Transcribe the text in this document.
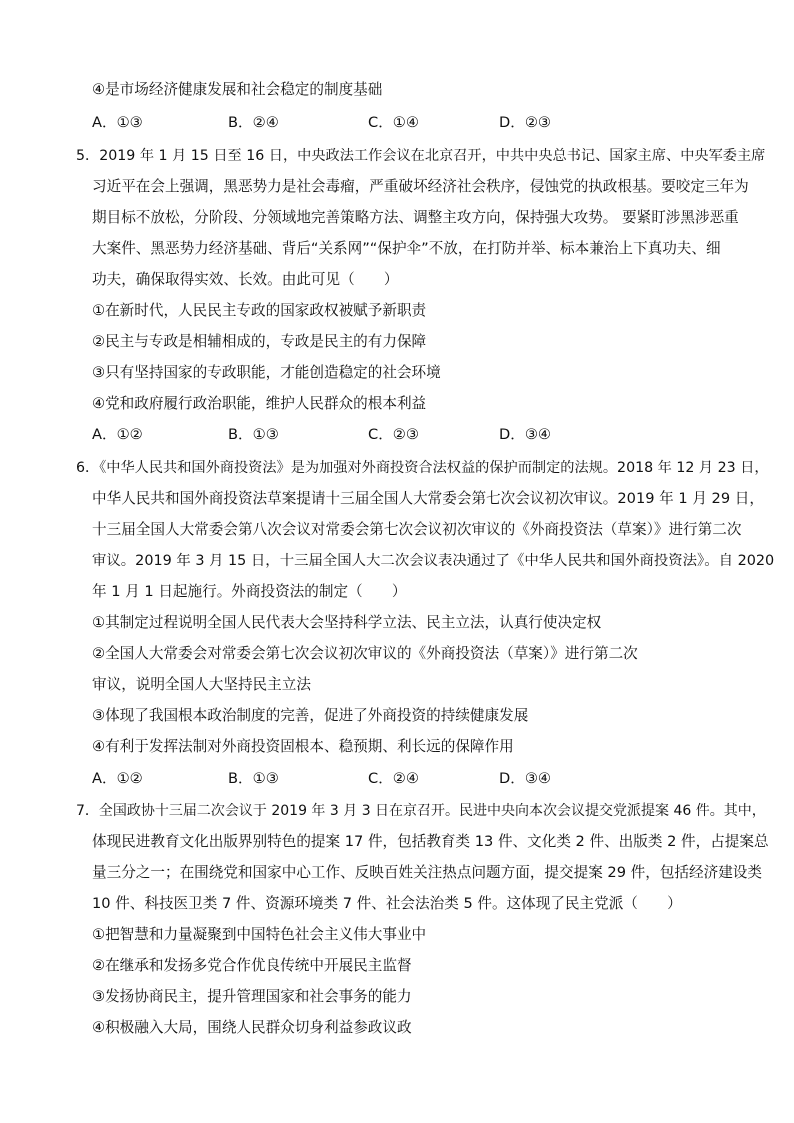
④是市场经济健康发展和社会稳定的制度基础
A．①③	B．②④	C．①④	D．②③
5．2019 年 1 月 15 日至 16 日，中央政法工作会议在北京召开，中共中央总书记、国家主席、中央军委主席
习近平在会上强调，黑恶势力是社会毒瘤，严重破坏经济社会秩序，侵蚀党的执政根基。要咬定三年为
期目标不放松，分阶段、分领域地完善策略方法、调整主攻方向，保持强大攻势。 要紧盯涉黑涉恶重
大案件、黑恶势力经济基础、背后“关系网”“保护伞”不放，在打防并举、标本兼治上下真功夫、细
功夫，确保取得实效、长效。由此可见（　　）
①在新时代，人民民主专政的国家政权被赋予新职责
②民主与专政是相辅相成的，专政是民主的有力保障
③只有坚持国家的专政职能，才能创造稳定的社会环境
④党和政府履行政治职能，维护人民群众的根本利益
A．①②	B．①③	C．②③	D．③④
6．《中华人民共和国外商投资法》是为加强对外商投资合法权益的保护而制定的法规。2018 年 12 月 23 日，
中华人民共和国外商投资法草案提请十三届全国人大常委会第七次会议初次审议。2019 年 1 月 29 日，
十三届全国人大常委会第八次会议对常委会第七次会议初次审议的《外商投资法（草案）》进行第二次
审议。2019 年 3 月 15 日，十三届全国人大二次会议表决通过了《中华人民共和国外商投资法》。自 2020
年 1 月 1 日起施行。外商投资法的制定（　　）
①其制定过程说明全国人民代表大会坚持科学立法、民主立法，认真行使决定权
②全国人大常委会对常委会第七次会议初次审议的《外商投资法（草案）》进行第二次
审议，说明全国人大坚持民主立法
③体现了我国根本政治制度的完善，促进了外商投资的持续健康发展
④有利于发挥法制对外商投资固根本、稳预期、利长远的保障作用
A．①②	B．①③	C．②④	D．③④
7．全国政协十三届二次会议于 2019 年 3 月 3 日在京召开。民进中央向本次会议提交党派提案 46 件。其中，
体现民进教育文化出版界别特色的提案 17 件，包括教育类 13 件、文化类 2 件、出版类 2 件，占提案总
量三分之一；在围绕党和国家中心工作、反映百姓关注热点问题方面，提交提案 29 件，包括经济建设类
10 件、科技医卫类 7 件、资源环境类 7 件、社会法治类 5 件。这体现了民主党派（　　）
①把智慧和力量凝聚到中国特色社会主义伟大事业中
②在继承和发扬多党合作优良传统中开展民主监督
③发扬协商民主，提升管理国家和社会事务的能力
④积极融入大局，围绕人民群众切身利益参政议政
